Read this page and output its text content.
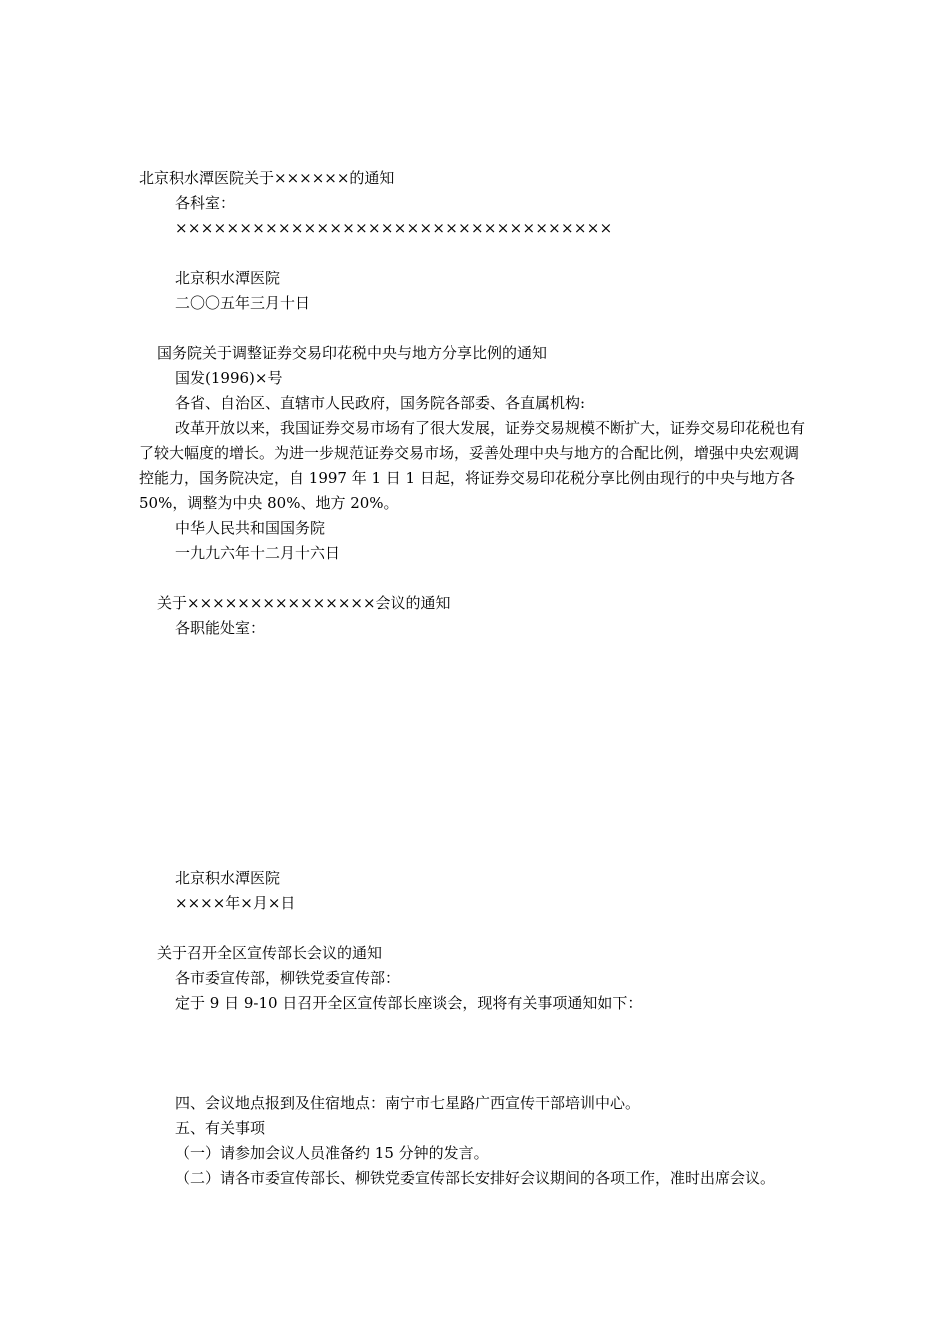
北京积水潭医院关于××××××的通知
各科室：
××××××××××××××××××××××××××××××××××
北京积水潭医院
二〇〇五年三月十日
国务院关于调整证券交易印花税中央与地方分享比例的通知
国发(1996)×号
各省、自治区、直辖市人民政府，国务院各部委、各直属机构:
改革开放以来，我国证券交易市场有了很大发展，证券交易规模不断扩大，证券交易印花税也有了较大幅度的增长。为进一步规范证券交易市场，妥善处理中央与地方的合配比例，增强中央宏观调控能力，国务院决定，自 1997 年 1 日 1 日起，将证券交易印花税分享比例由现行的中央与地方各 50%，调整为中央 80%、地方 20%。
中华人民共和国国务院
一九九六年十二月十六日
关于×××××××××××××××会议的通知
各职能处室：
北京积水潭医院
××××年×月×日
关于召开全区宣传部长会议的通知
各市委宣传部，柳铁党委宣传部：
定于 9 日 9-10 日召开全区宣传部长座谈会，现将有关事项通知如下：
四、会议地点报到及住宿地点：南宁市七星路广西宣传干部培训中心。
五、有关事项
（一）请参加会议人员准备约 15 分钟的发言。
（二）请各市委宣传部长、柳铁党委宣传部长安排好会议期间的各项工作，准时出席会议。
